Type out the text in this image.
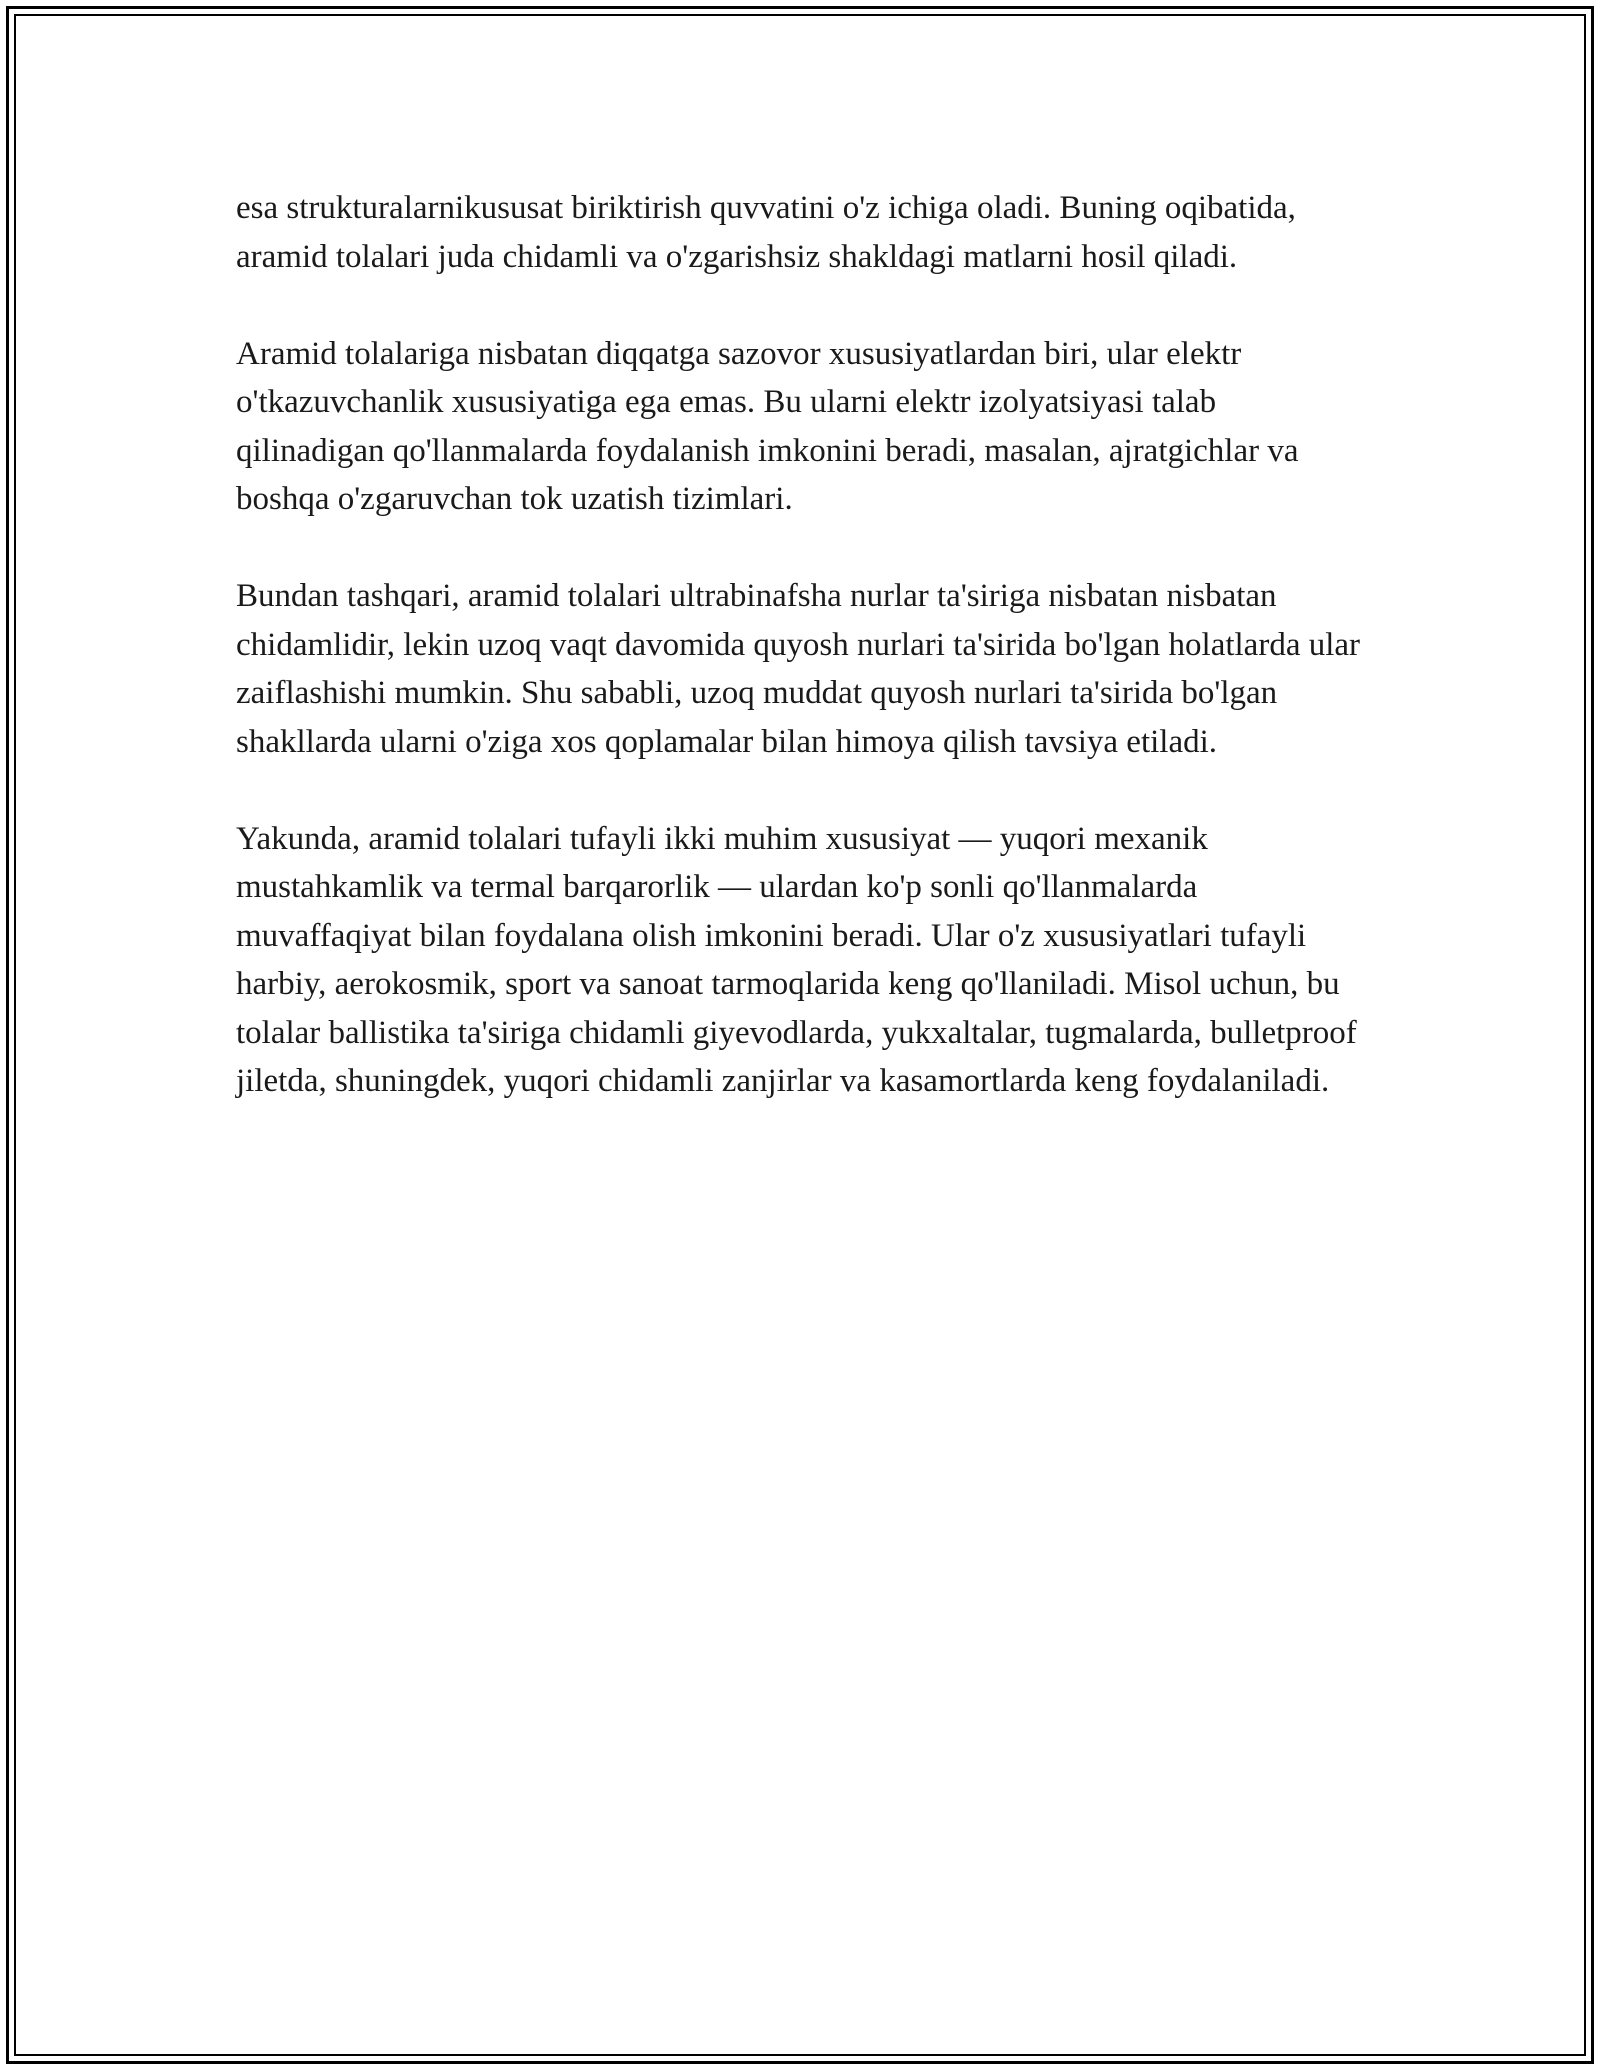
esa strukturalarnikususat biriktirish quvvatini o'z ichiga oladi. Buning oqibatida, aramid tolalari juda chidamli va o'zgarishsiz shakldagi matlarni hosil qiladi.

Aramid tolalariga nisbatan diqqatga sazovor xususiyatlardan biri, ular elektr o'tkazuvchanlik xususiyatiga ega emas. Bu ularni elektr izolyatsiyasi talab qilinadigan qo'llanmalarda foydalanish imkonini beradi, masalan, ajratgichlar va boshqa o'zgaruvchan tok uzatish tizimlari.

Bundan tashqari, aramid tolalari ultrabinafsha nurlar ta'siriga nisbatan nisbatan chidamlidir, lekin uzoq vaqt davomida quyosh nurlari ta'sirida bo'lgan holatlarda ular zaiflashishi mumkin. Shu sababli, uzoq muddat quyosh nurlari ta'sirida bo'lgan shakllarda ularni o'ziga xos qoplamalar bilan himoya qilish tavsiya etiladi.

Yakunda, aramid tolalari tufayli ikki muhim xususiyat — yuqori mexanik mustahkamlik va termal barqarorlik — ulardan ko'p sonli qo'llanmalarda muvaffaqiyat bilan foydalana olish imkonini beradi. Ular o'z xususiyatlari tufayli harbiy, aerokosmik, sport va sanoat tarmoqlarida keng qo'llaniladi. Misol uchun, bu tolalar ballistika ta'siriga chidamli giyevodlarda, yukxaltalar, tugmalarda, bulletproof jiletda, shuningdek, yuqori chidamli zanjirlar va kasamortlarda keng foydalaniladi.
